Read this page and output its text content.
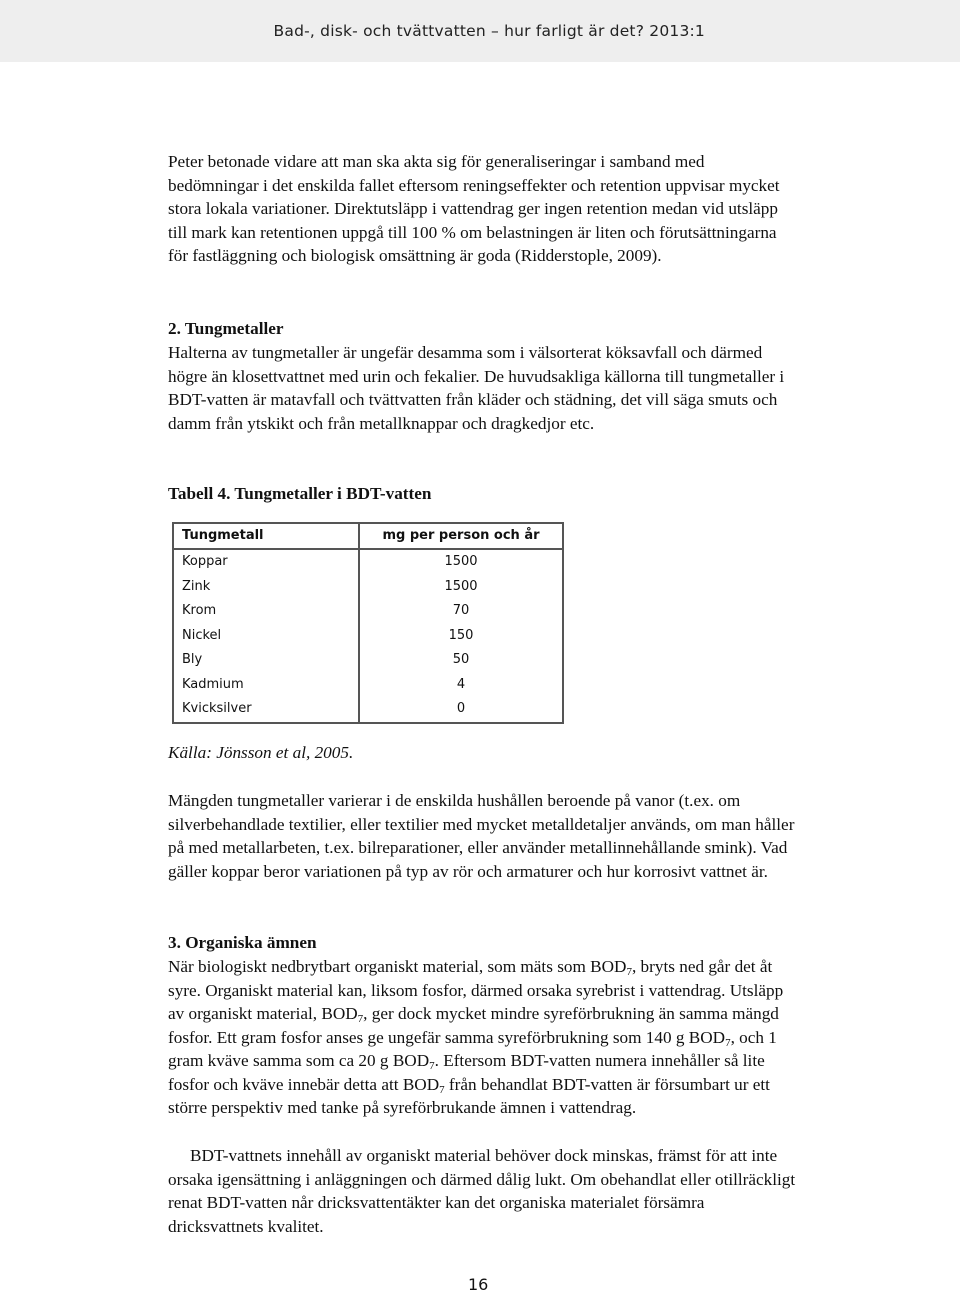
Bad-, disk- och tvättvatten – hur farligt är det? 2013:1

Peter betonade vidare att man ska akta sig för generaliseringar i samband med bedömningar i det enskilda fallet eftersom reningseffekter och retention uppvisar mycket stora lokala variationer. Direktutsläpp i vattendrag ger ingen retention medan vid utsläpp till mark kan retentionen uppgå till 100 % om belastningen är liten och förutsättningarna för fastläggning och biologisk omsättning är goda (Ridderstople, 2009).

2. Tungmetaller

Halterna av tungmetaller är ungefär desamma som i välsorterat köksavfall och därmed högre än klosettvattnet med urin och fekalier. De huvudsakliga källorna till tungmetaller i BDT-vatten är matavfall och tvättvatten från kläder och städning, det vill säga smuts och damm från ytskikt och från metallknappar och dragkedjor etc.

Tabell 4. Tungmetaller i BDT-vatten

Tungmetall	mg per person och år
Koppar	1500
Zink	1500
Krom	70
Nickel	150
Bly	50
Kadmium	4
Kvicksilver	0

Källa: Jönsson et al, 2005.

Mängden tungmetaller varierar i de enskilda hushållen beroende på vanor (t.ex. om silverbehandlade textilier, eller textilier med mycket metalldetaljer används, om man håller på med metallarbeten, t.ex. bilreparationer, eller använder metallinnehållande smink). Vad gäller koppar beror variationen på typ av rör och armaturer och hur korrosivt vattnet är.

3. Organiska ämnen

När biologiskt nedbrytbart organiskt material, som mäts som $BOD_7$, bryts ned går det åt syre. Organiskt material kan, liksom fosfor, därmed orsaka syrebrist i vattendrag. Utsläpp av organiskt material, $BOD_7$, ger dock mycket mindre syreförbrukning än samma mängd fosfor. Ett gram fosfor anses ge ungefär samma syreförbrukning som 140 g $BOD_7$, och 1 gram kväve samma som ca 20 g $BOD_7$. Eftersom BDT-vatten numera innehåller så lite fosfor och kväve innebär detta att $BOD_7$ från behandlat BDT-vatten är försumbart ur ett större perspektiv med tanke på syreförbrukande ämnen i vattendrag.

BDT-vattnets innehåll av organiskt material behöver dock minskas, främst för att inte orsaka igensättning i anläggningen och därmed dålig lukt. Om obehandlat eller otillräckligt renat BDT-vatten når dricksvattentäkter kan det organiska materialet försämra dricksvattnets kvalitet.

16
